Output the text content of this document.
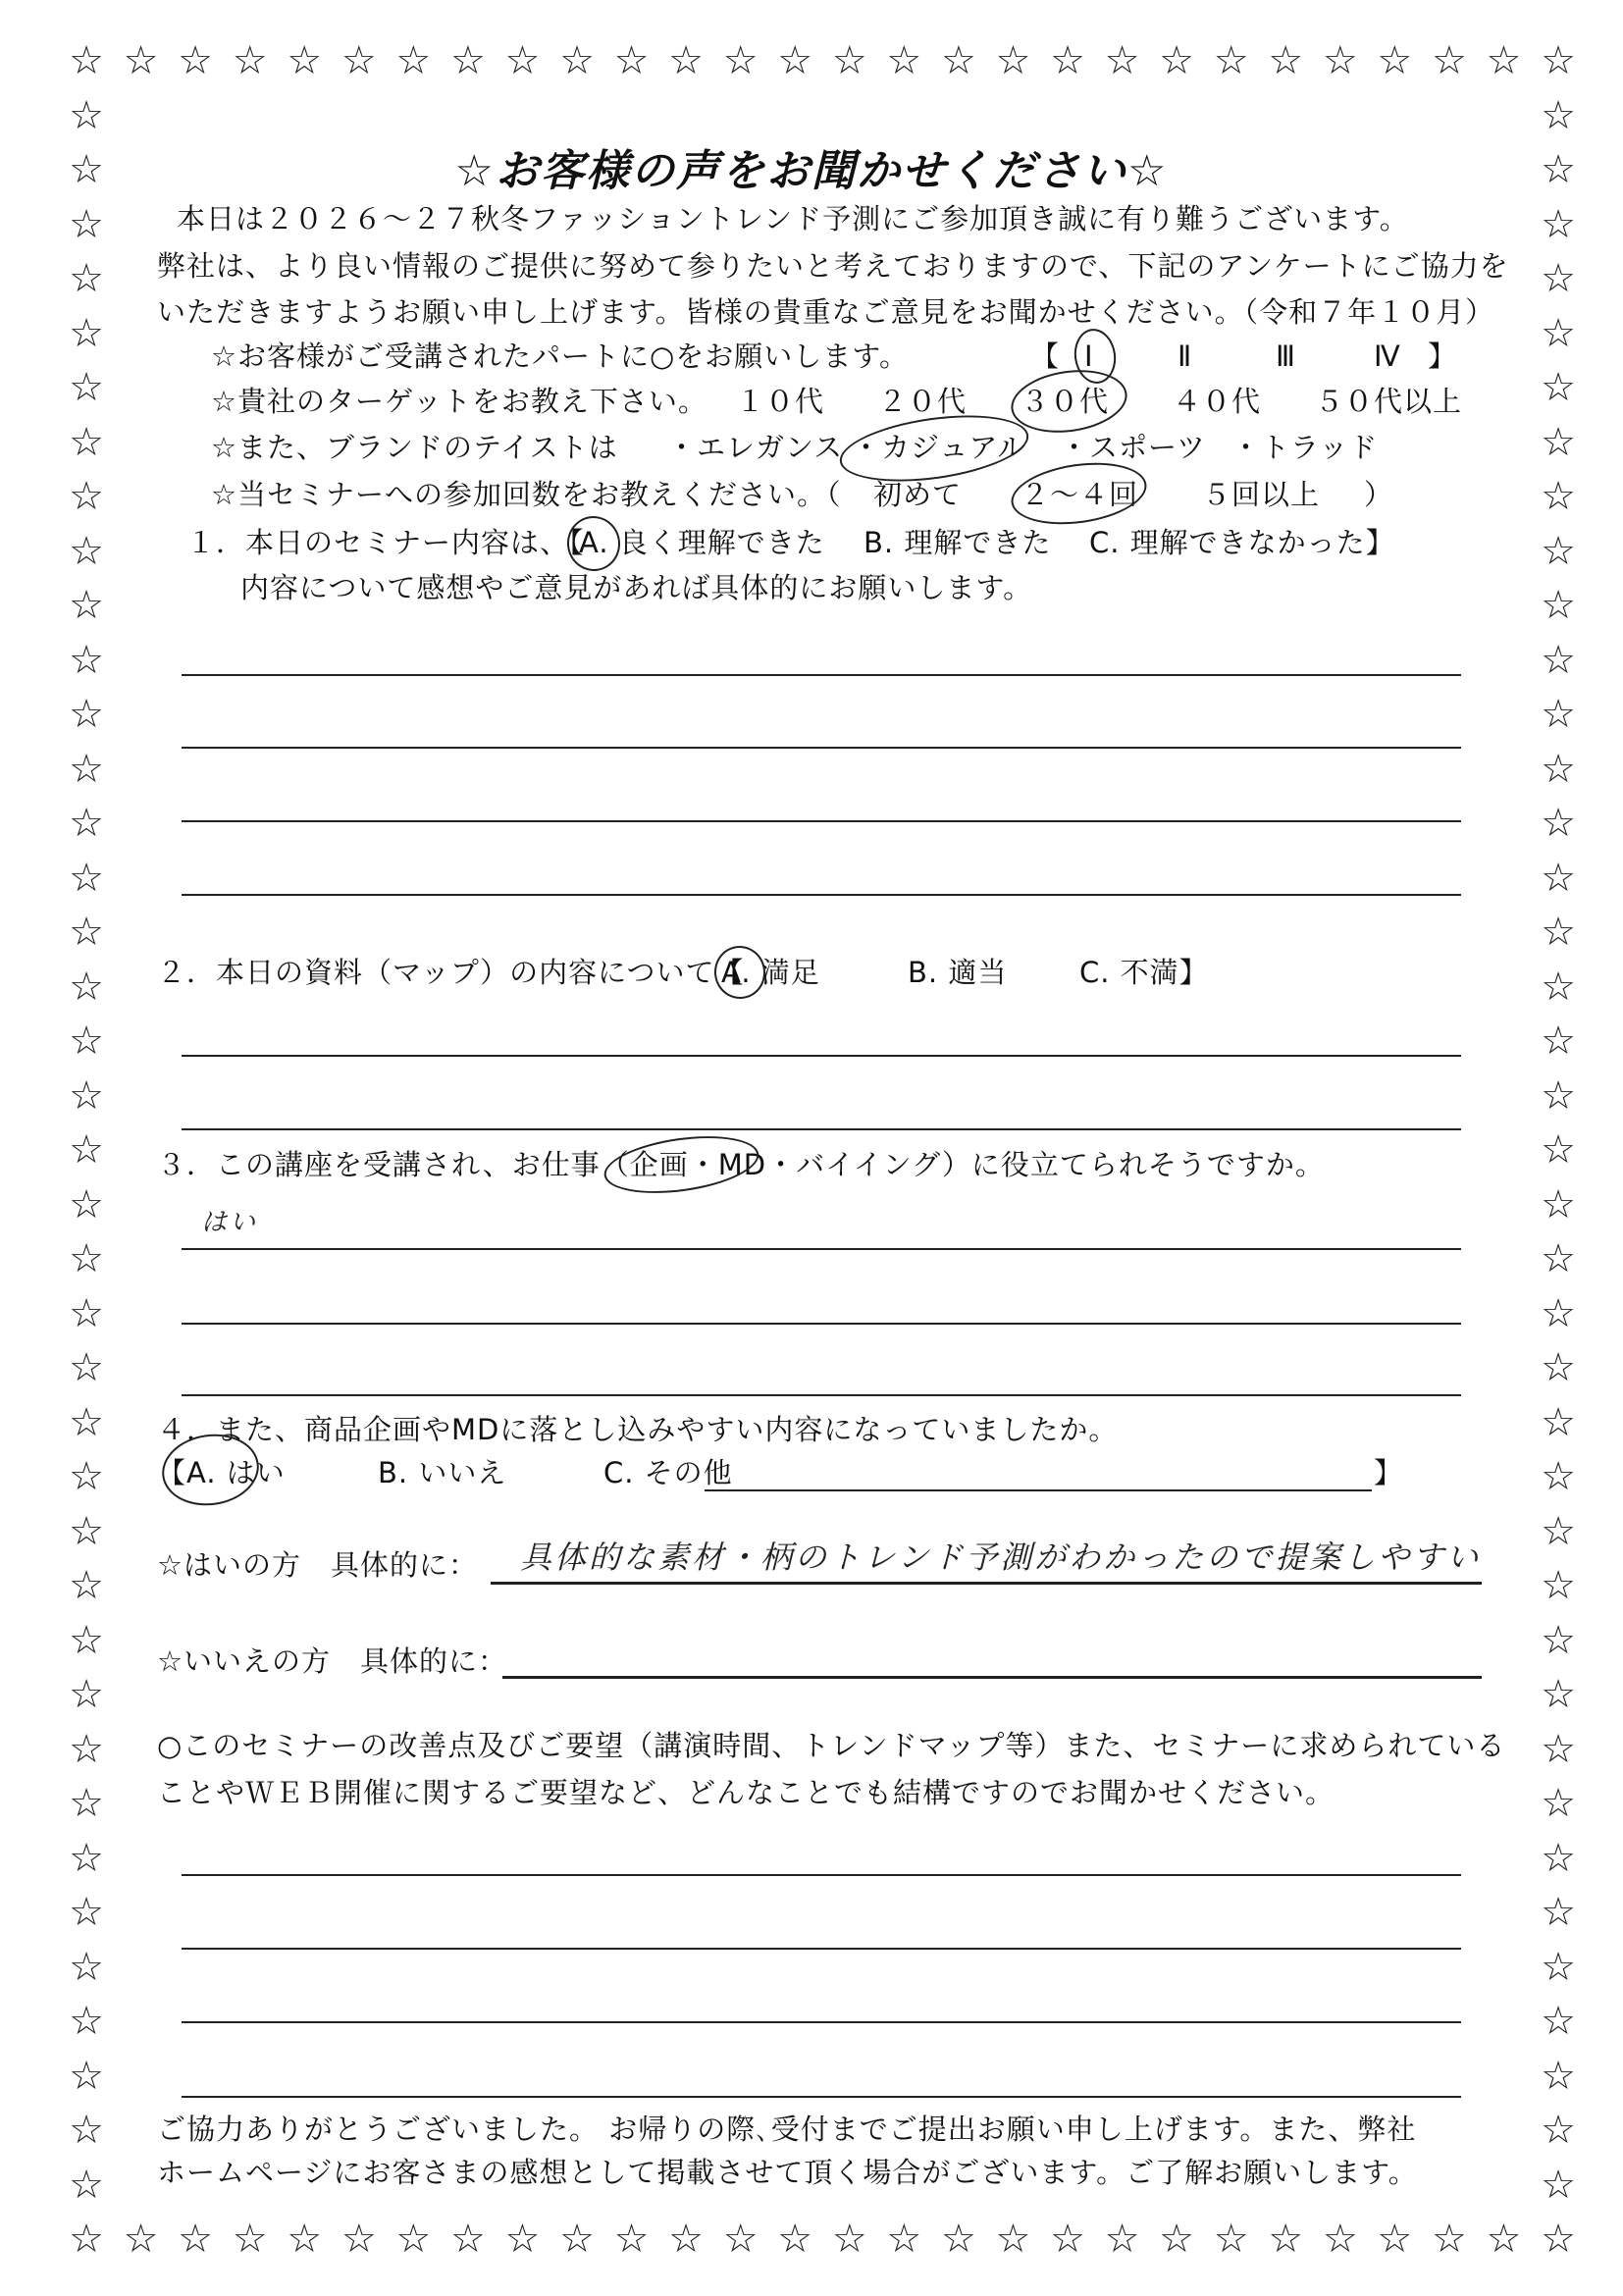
☆
☆
☆
☆
☆
☆
☆
☆
☆
☆
☆
☆
☆
☆
☆
☆
☆
☆
☆
☆
☆
☆
☆
☆
☆
☆
☆
☆
☆
☆
☆
☆
☆
☆
☆
☆
☆
☆
☆
☆
☆
☆
☆
☆
☆
☆
☆
☆
☆
☆
☆
☆
☆
☆
☆
☆
☆	☆
☆	☆
☆	☆
☆	☆
☆	☆
☆	☆
☆	☆
☆	☆
☆	☆
☆	☆
☆	☆
☆	☆
☆	☆
☆	☆
☆	☆
☆	☆
☆	☆
☆	☆
☆	☆
☆	☆
☆	☆
☆	☆
☆	☆
☆	☆
☆	☆
☆	☆
☆	☆
☆	☆
☆	☆
☆	☆
☆	☆
☆	☆
☆	☆
☆	☆
☆	☆
☆	☆
☆	☆
☆	☆
☆	☆
☆お客様の声をお聞かせください☆
本日は２０２６～２７秋冬ファッショントレンド予測にご参加頂き誠に有り難うございます。
弊社は、より良い情報のご提供に努めて参りたいと考えておりますので、下記のアンケートにご協力を
いただきますようお願い申し上げます。皆様の貴重なご意見をお聞かせください。（令和７年１０月）
☆お客様がご受講されたパートに○をお願いします。	【 Ⅰ	Ⅱ	Ⅲ	Ⅳ 】
☆貴社のターゲットをお教え下さい。 １０代 ２０代 ３０代 ４０代 ５０代以上
☆また、ブランドのテイストは ・エレガンス ・カジュアル ・スポーツ ・トラッド
☆当セミナーへの参加回数をお教えください。（ 初めて ２～４回 ５回以上 ）
１．本日のセミナー内容は、【
A. 良く理解できた B. 理解できた C. 理解できなかった】
内容について感想やご意見があれば具体的にお願いします。
２．本日の資料（マップ）の内容について【
A. 満足	B. 適当	C. 不満】
３．この講座を受講され、お仕事（企画・MD・バイイング）に役立てられそうですか。
はい
４．また、商品企画やMDに落とし込みやすい内容になっていましたか。
【A. はい	B. いいえ	C. その他	】
☆はいの方　具体的に： 具体的な素材・柄のトレンド予測がわかったので提案しやすい
☆いいえの方　具体的に：
○このセミナーの改善点及びご要望（講演時間、トレンドマップ等）また、セミナーに求められている
ことやＷＥＢ開催に関するご要望など、どんなことでも結構ですのでお聞かせください。
ご協力ありがとうございました。 お帰りの際､受付までご提出お願い申し上げます。また、弊社
ホームページにお客さまの感想として掲載させて頂く場合がございます。ご了解お願いします。
